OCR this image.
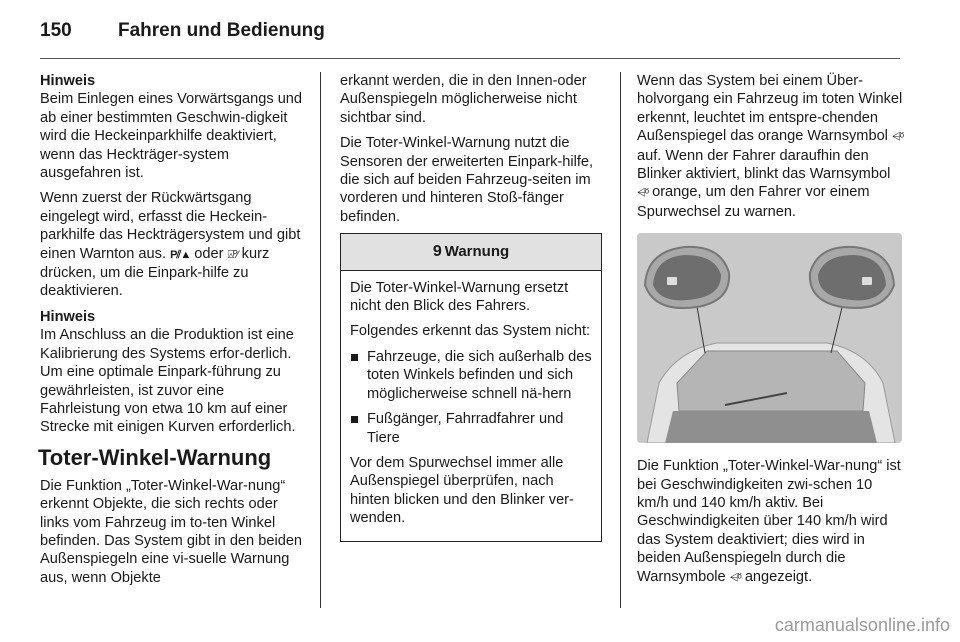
150 Fahren und Bedienung

Hinweis

Beim Einlegen eines Vorwärtsgangs und ab einer bestimmten Geschwin-digkeit wird die Heckeinparkhilfe deaktiviert, wenn das Heckträger-system ausgefahren ist.

Wenn zuerst der Rückwärtsgang eingelegt wird, erfasst die Heckein-parkhilfe das Heckträgersystem und gibt einen Warnton aus. P⫽▲ oder ⍓ᴾ⁄ kurz drücken, um die Einpark-hilfe zu deaktivieren.

Hinweis

Im Anschluss an die Produktion ist eine Kalibrierung des Systems erfor-derlich. Um eine optimale Einpark-führung zu gewährleisten, ist zuvor eine Fahrleistung von etwa 10 km auf einer Strecke mit einigen Kurven erforderlich.

Toter-Winkel-Warnung

Die Funktion „Toter-Winkel-War-nung“ erkennt Objekte, die sich rechts oder links vom Fahrzeug im to-ten Winkel befinden. Das System gibt in den beiden Außenspiegeln eine vi-suelle Warnung aus, wenn Objekte

erkannt werden, die in den Innen-oder Außenspiegeln möglicherweise nicht sichtbar sind.

Die Toter-Winkel-Warnung nutzt die Sensoren der erweiterten Einpark-hilfe, die sich auf beiden Fahrzeug-seiten im vorderen und hinteren Stoß-fänger befinden.

9 Warnung

Die Toter-Winkel-Warnung ersetzt nicht den Blick des Fahrers.

Folgendes erkennt das System nicht:

Fahrzeuge, die sich außerhalb des toten Winkels befinden und sich möglicherweise schnell nä-hern
Fußgänger, Fahrradfahrer und Tiere

Vor dem Spurwechsel immer alle Außenspiegel überprüfen, nach hinten blicken und den Blinker ver-wenden.

Wenn das System bei einem Über-holvorgang ein Fahrzeug im toten Winkel erkennt, leuchtet im entspre-chenden Außenspiegel das orange Warnsymbol ⩤ᴽ auf. Wenn der Fahrer daraufhin den Blinker aktiviert, blinkt das Warnsymbol ⩤ᴽ orange, um den Fahrer vor einem Spurwechsel zu warnen.

Die Funktion „Toter-Winkel-War-nung“ ist bei Geschwindigkeiten zwi-schen 10 km/h und 140 km/h aktiv. Bei Geschwindigkeiten über 140 km/h wird das System deaktiviert; dies wird in beiden Außenspiegeln durch die Warnsymbole ⩤ᴽ angezeigt.

carmanualsonline.info
